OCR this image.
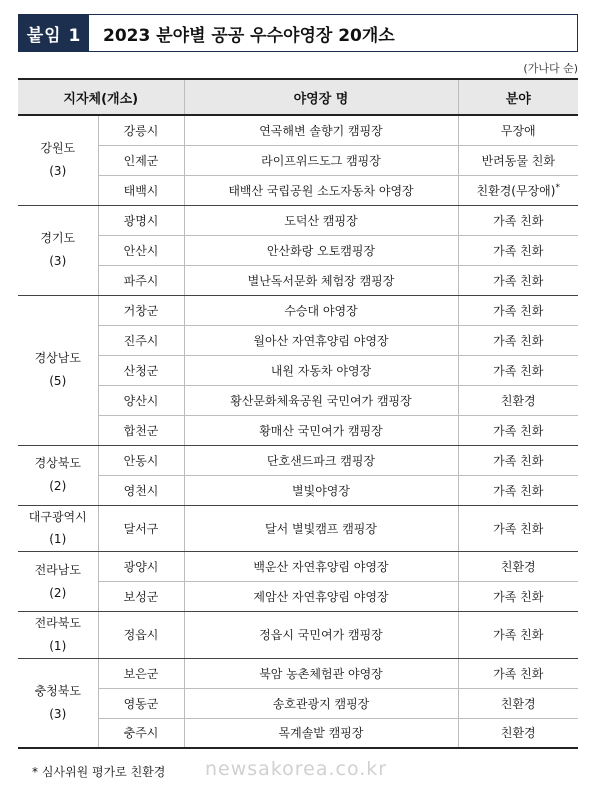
붙임 1	2023 분야별 공공 우수야영장 20개소
(가나다 순)
지자체(개소)		야영장 명	분야

강원도
(3)	강릉시	연곡해변 솔향기 캠핑장	무장애
	인제군	라이프위드도그 캠핑장	반려동물 친화
	태백시	태백산 국립공원 소도자동차 야영장	친환경(무장애)*

경기도
(3)	광명시	도덕산 캠핑장	가족 친화
	안산시	안산화랑 오토캠핑장	가족 친화
	파주시	별난독서문화 체험장 캠핑장	가족 친화

경상남도
(5)	거창군	수승대 야영장	가족 친화
	진주시	월아산 자연휴양림 야영장	가족 친화
	산청군	내원 자동차 야영장	가족 친화
	양산시	황산문화체육공원 국민여가 캠핑장	친환경
	합천군	황매산 국민여가 캠핑장	가족 친화

경상북도
(2)	안동시	단호샌드파크 캠핑장	가족 친화
	영천시	별빛야영장	가족 친화

대구광역시
(1)	달서구	달서 별빛캠프 캠핑장	가족 친화

전라남도
(2)	광양시	백운산 자연휴양림 야영장	친환경
	보성군	제암산 자연휴양림 야영장	가족 친화

전라북도
(1)	정읍시	정읍시 국민여가 캠핑장	가족 친화

충청북도
(3)	보은군	북암 농촌체험관 야영장	가족 친화
	영동군	송호관광지 캠핑장	친환경
	충주시	목계솔밭 캠핑장	친환경
* 심사위원 평가로 친환경 newsakorea.co.kr
